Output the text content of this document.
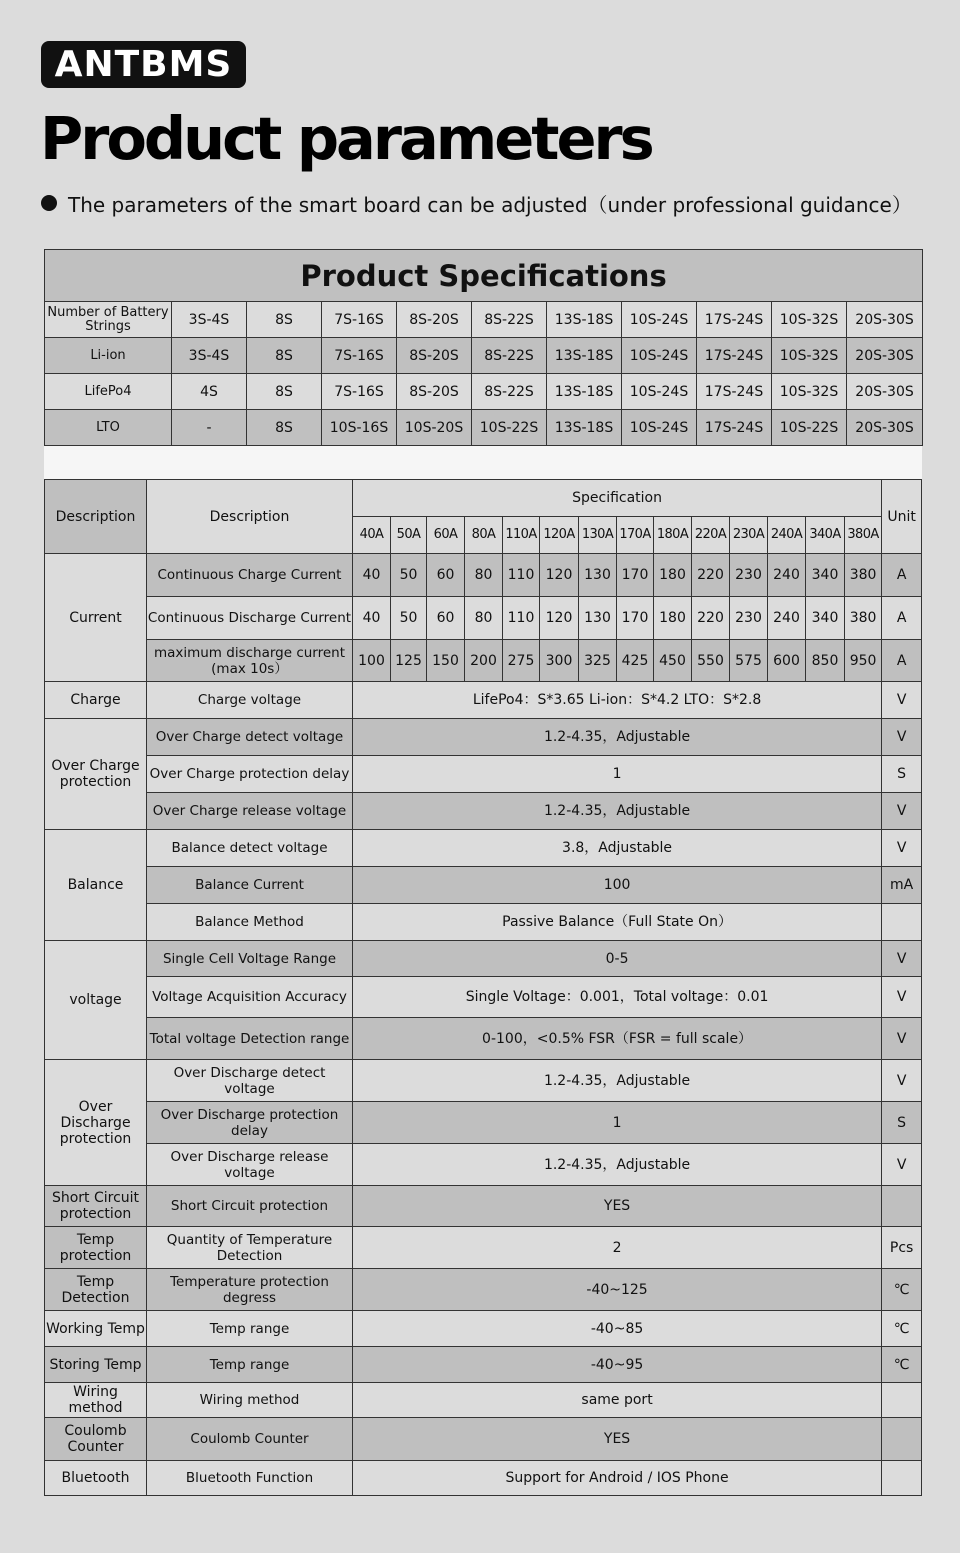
ANTBMS
Product parameters
The parameters of the smart board can be adjusted（under professional guidance）
Product Specifications										
Number of Battery Strings	3S-4S	8S	7S-16S	8S-20S	8S-22S	13S-18S	10S-24S	17S-24S	10S-32S	20S-30S
Li-ion	3S-4S	8S	7S-16S	8S-20S	8S-22S	13S-18S	10S-24S	17S-24S	10S-32S	20S-30S
LifePo4	4S	8S	7S-16S	8S-20S	8S-22S	13S-18S	10S-24S	17S-24S	10S-32S	20S-30S
LTO	-	8S	10S-16S	10S-20S	10S-22S	13S-18S	10S-24S	17S-24S	10S-22S	20S-30S
Description	Description	Specification														Unit
		40A	50A	60A	80A	110A	120A	130A	170A	180A	220A	230A	240A	340A	380A	
Current	Continuous Charge Current	40	50	60	80	110	120	130	170	180	220	230	240	340	380	A
	Continuous Discharge Current	40	50	60	80	110	120	130	170	180	220	230	240	340	380	A
	maximum discharge current (max 10s）	100	125	150	200	275	300	325	425	450	550	575	600	850	950	A
Charge	Charge voltage	LifePo4：S*3.65 Li-ion：S*4.2 LTO：S*2.8														V
Over Charge protection	Over Charge detect voltage	1.2-4.35，Adjustable														V
	Over Charge protection delay	1														S
	Over Charge release voltage	1.2-4.35，Adjustable														V
Balance	Balance detect voltage	3.8，Adjustable														V
	Balance Current	100														mA
	Balance Method	Passive Balance（Full State On）														
voltage	Single Cell Voltage Range	0-5														V
	Voltage Acquisition Accuracy	Single Voltage：0.001，Total voltage：0.01														V
	Total voltage Detection range	0-100，<0.5% FSR（FSR = full scale）														V
Over Discharge protection	Over Discharge detect voltage	1.2-4.35，Adjustable														V
	Over Discharge protection delay	1														S
	Over Discharge release voltage	1.2-4.35，Adjustable														V
Short Circuit protection	Short Circuit protection	YES														
Temp protection	Quantity of Temperature Detection	2														Pcs
Temp Detection	Temperature protection degress	-40~125														℃
Working Temp	Temp range	-40~85														℃
Storing Temp	Temp range	-40~95														℃
Wiring method	Wiring method	same port														
Coulomb Counter	Coulomb Counter	YES														
Bluetooth	Bluetooth Function	Support for Android / IOS Phone														
